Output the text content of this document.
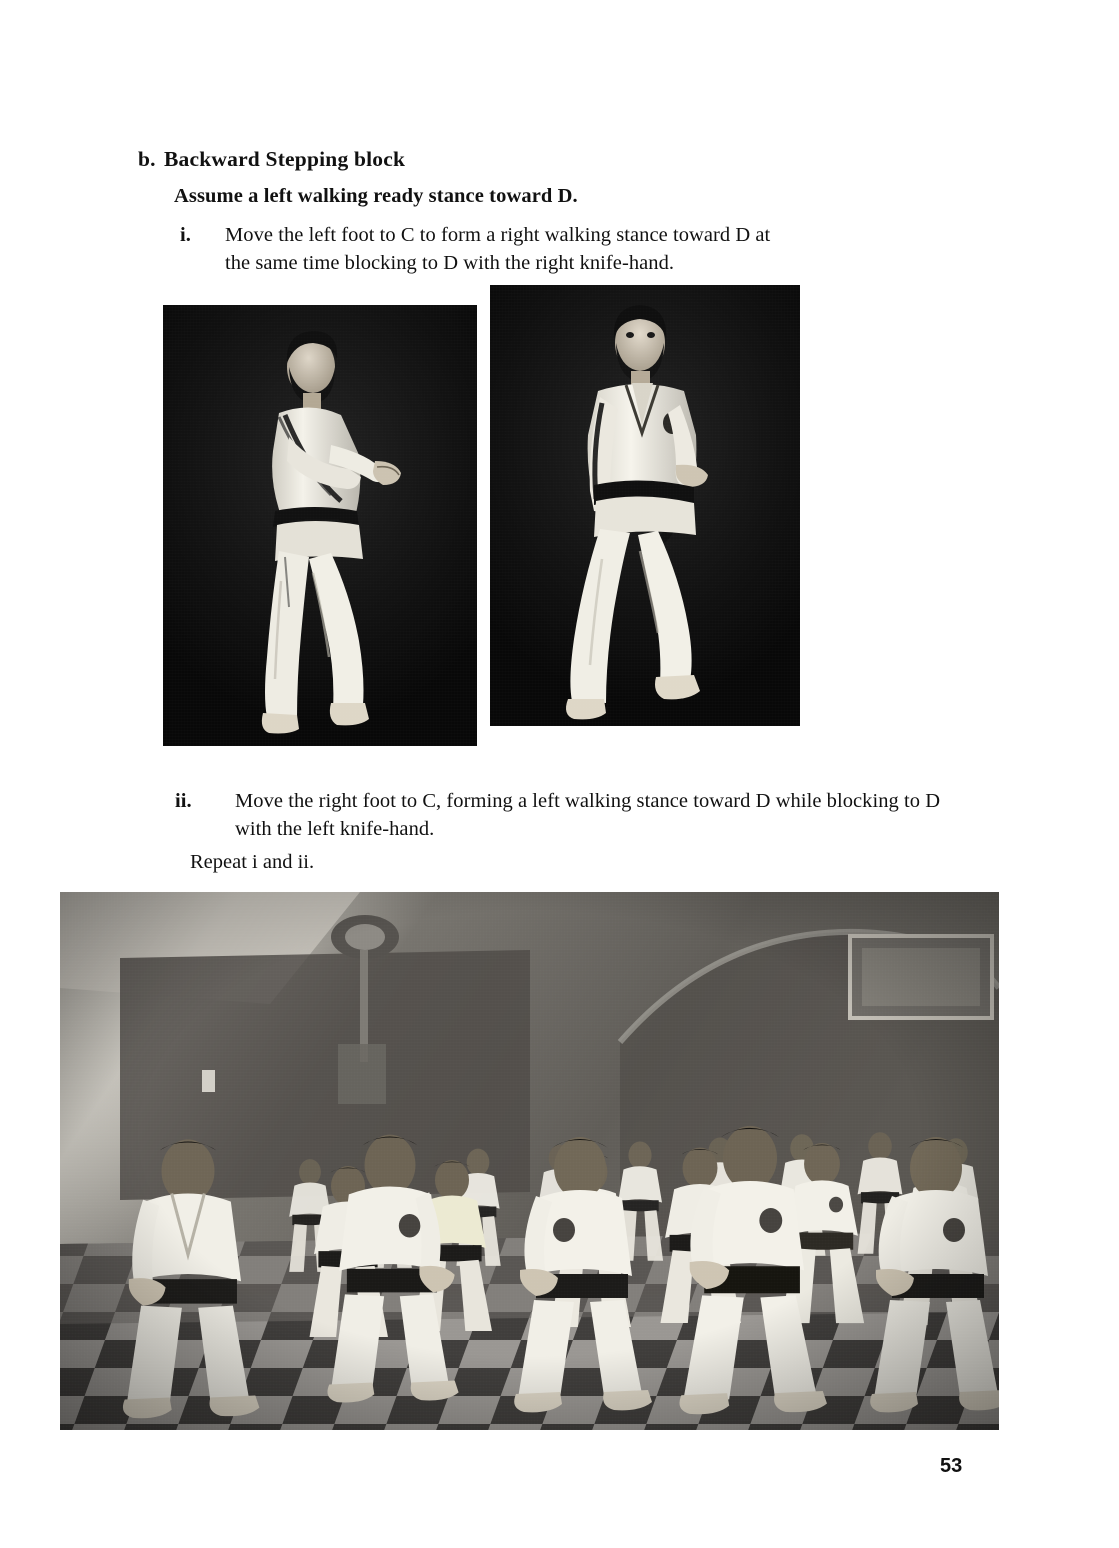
b. Backward Stepping block
Assume a left walking ready stance toward D.
i. Move the left foot to C to form a right walking stance toward D at
the same time blocking to D with the right knife-hand.
ii. Move the right foot to C, forming a left walking stance toward D while blocking to D with the left knife-hand.
Repeat i and ii.
53
